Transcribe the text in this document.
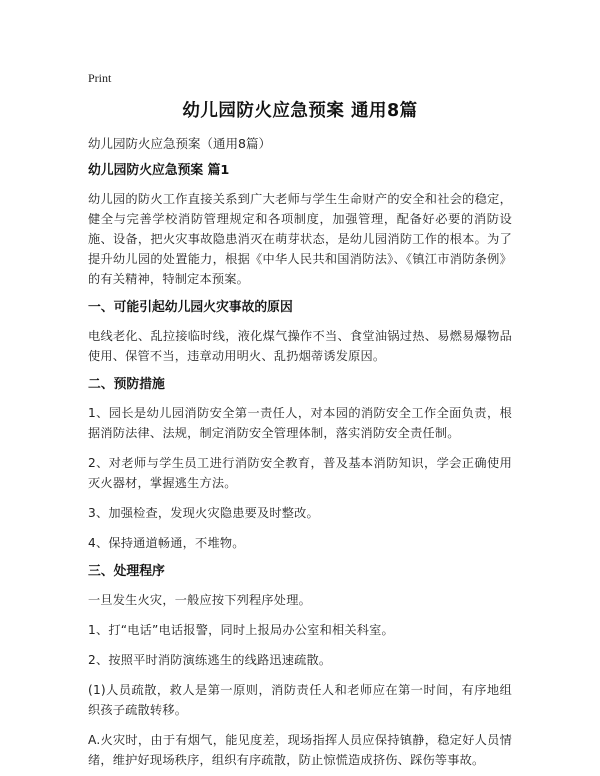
Print
幼儿园防火应急预案 通用8篇
幼儿园防火应急预案（通用8篇）

幼儿园防火应急预案 篇1

幼儿园的防火工作直接关系到广大老师与学生生命财产的安全和社会的稳定，健全与完善学校消防管理规定和各项制度，加强管理，配备好必要的消防设施、设备，把火灾事故隐患消灭在萌芽状态，是幼儿园消防工作的根本。为了提升幼儿园的处置能力，根据《中华人民共和国消防法》、《镇江市消防条例》的有关精神，特制定本预案。

一、可能引起幼儿园火灾事故的原因

电线老化、乱拉接临时线，液化煤气操作不当、食堂油锅过热、易燃易爆物品使用、保管不当，违章动用明火、乱扔烟蒂诱发原因。

二、预防措施

1、园长是幼儿园消防安全第一责任人，对本园的消防安全工作全面负责，根据消防法律、法规，制定消防安全管理体制，落实消防安全责任制。

2、对老师与学生员工进行消防安全教育，普及基本消防知识，学会正确使用灭火器材，掌握逃生方法。

3、加强检查，发现火灾隐患要及时整改。

4、保持通道畅通，不堆物。

三、处理程序

一旦发生火灾，一般应按下列程序处理。

1、打“电话”电话报警，同时上报局办公室和相关科室。

2、按照平时消防演练逃生的线路迅速疏散。

(1)人员疏散，救人是第一原则，消防责任人和老师应在第一时间，有序地组织孩子疏散转移。

A.火灾时，由于有烟气，能见度差，现场指挥人员应保持镇静，稳定好人员情绪，维护好现场秩序，组织有序疏散，防止惊慌造成挤伤、踩伤等事故。
